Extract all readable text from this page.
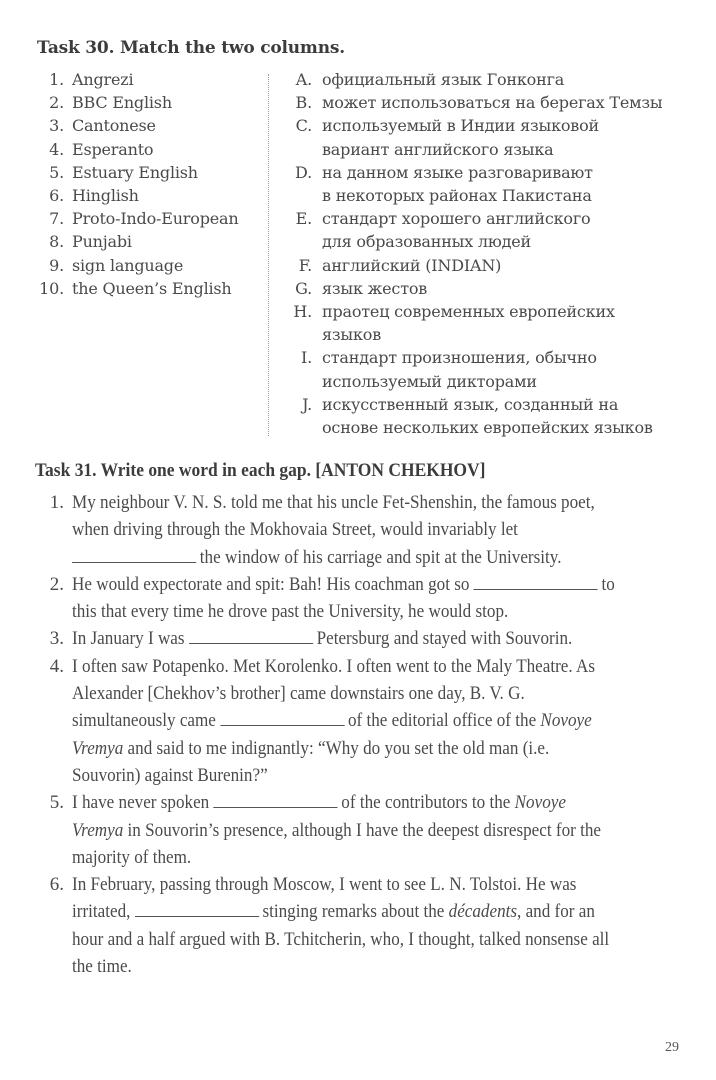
Task 30. Match the two columns.
1. Angrezi
2. BBC English
3. Cantonese
4. Esperanto
5. Estuary English
6. Hinglish
7. Proto-Indo-European
8. Punjabi
9. sign language
10. the Queen’s English
A. официальный язык Гонконга
B. может использоваться на берегах Темзы
C. используемый в Индии языковой
вариант английского языка
D. на данном языке разговаривают
в некоторых районах Пакистана
E. стандарт хорошего английского
для образованных людей
F. английский (INDIAN)
G. язык жестов
H. праотец современных европейских
языков
I. стандарт произношения, обычно
используемый дикторами
J. искусственный язык, созданный на
основе нескольких европейских языков
Task 31. Write one word in each gap. [ANTON CHEKHOV]
1. My neighbour V. N. S. told me that his uncle Fet-Shenshin, the famous poet, when driving through the Mokhovaia Street, would invariably let the window of his carriage and spit at the University.
2. He would expectorate and spit: Bah! His coachman got so	to this that every time he drove past the University, he would stop.
3. In January I was	Petersburg and stayed with Souvorin.
4. I often saw Potapenko. Met Korolenko. I often went to the Maly Theatre. As Alexander [Chekhov’s brother] came downstairs one day, B. V. G. simultaneously came	of the editorial office of the Novoye Vremya and said to me indignantly: “Why do you set the old man (i.e. Souvorin) against Burenin?”
5. I have never spoken	of the contributors to the Novoye Vremya in Souvorin’s presence, although I have the deepest disrespect for the majority of them.
6. In February, passing through Moscow, I went to see L. N. Tolstoi. He was irritated,	stinging remarks about the décadents, and for an hour and a half argued with B. Tchitcherin, who, I thought, talked nonsense all the time.
29
